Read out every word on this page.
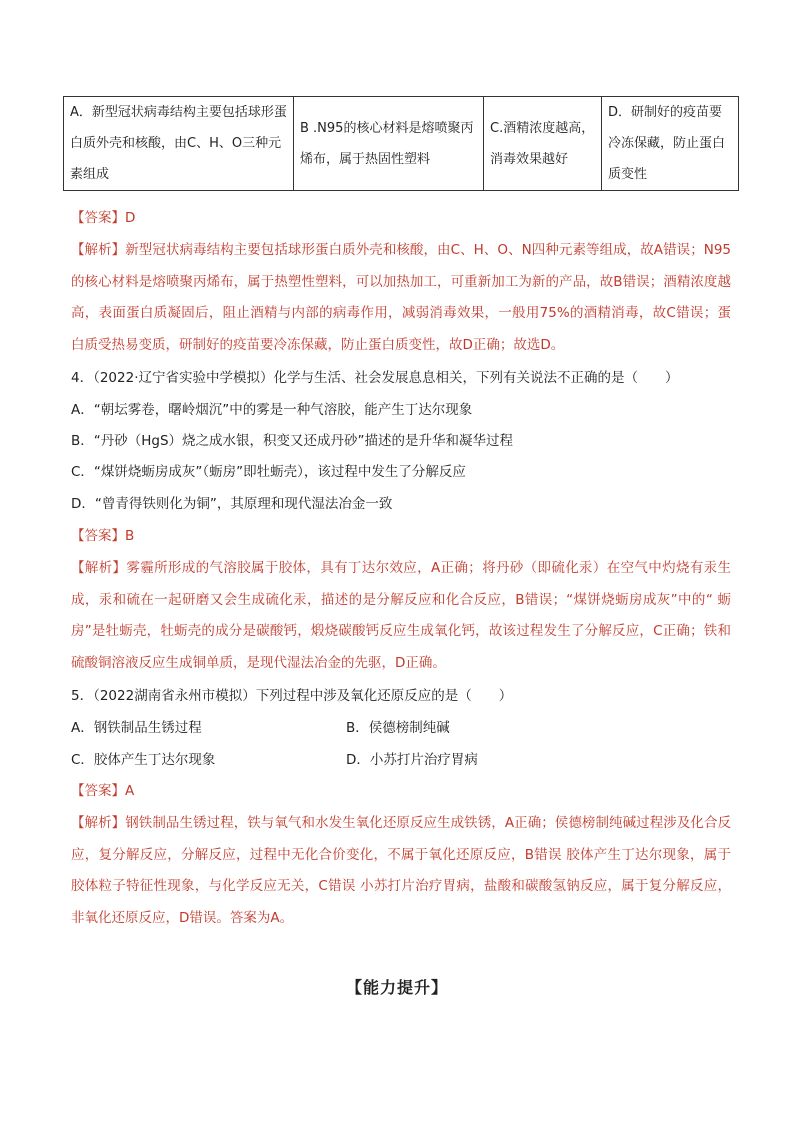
A．新型冠状病毒结构主要包括球形蛋白质外壳和核酸，由C、H、O三种元素组成	B .N95的核心材料是熔喷聚丙烯布，属于热固性塑料	C.酒精浓度越高，消毒效果越好	D．研制好的疫苗要冷冻保藏，防止蛋白质变性
【答案】D
【解析】新型冠状病毒结构主要包括球形蛋白质外壳和核酸，由C、H、O、N四种元素等组成，故A错误；N95的核心材料是熔喷聚丙烯布，属于热塑性塑料，可以加热加工，可重新加工为新的产品，故B错误；酒精浓度越高，表面蛋白质凝固后，阻止酒精与内部的病毒作用，减弱消毒效果，一般用75%的酒精消毒，故C错误；蛋白质受热易变质，研制好的疫苗要冷冻保藏，防止蛋白质变性，故D正确；故选D。
4．（2022·辽宁省实验中学模拟）化学与生活、社会发展息息相关，下列有关说法不正确的是（　　）
A．“朝坛雾卷，曙岭烟沉”中的雾是一种气溶胶，能产生丁达尔现象
B．“丹砂（HgS）烧之成水银，积变又还成丹砂”描述的是升华和凝华过程
C．“煤饼烧蛎房成灰”（蛎房”即牡蛎壳），该过程中发生了分解反应
D．“曾青得铁则化为铜”，其原理和现代湿法冶金一致
【答案】B
【解析】雾霾所形成的气溶胶属于胶体，具有丁达尔效应，A正确；将丹砂（即硫化汞）在空气中灼烧有汞生成，汞和硫在一起研磨又会生成硫化汞，描述的是分解反应和化合反应，B错误；“煤饼烧蛎房成灰”中的“ 蛎房”是牡蛎壳，牡蛎壳的成分是碳酸钙，煅烧碳酸钙反应生成氧化钙，故该过程发生了分解反应，C正确；铁和硫酸铜溶液反应生成铜单质，是现代湿法冶金的先驱，D正确。
5．（2022湖南省永州市模拟）下列过程中涉及氧化还原反应的是（　　）
A．钢铁制品生锈过程	B．侯德榜制纯碱
C．胶体产生丁达尔现象	D．小苏打片治疗胃病
【答案】A
【解析】钢铁制品生锈过程，铁与氧气和水发生氧化还原反应生成铁锈，A正确；侯德榜制纯碱过程涉及化合反应，复分解反应，分解反应，过程中无化合价变化，不属于氧化还原反应，B错误 胶体产生丁达尔现象，属于胶体粒子特征性现象，与化学反应无关，C错误 小苏打片治疗胃病，盐酸和碳酸氢钠反应，属于复分解反应，非氧化还原反应，D错误。答案为A。
【能力提升】
